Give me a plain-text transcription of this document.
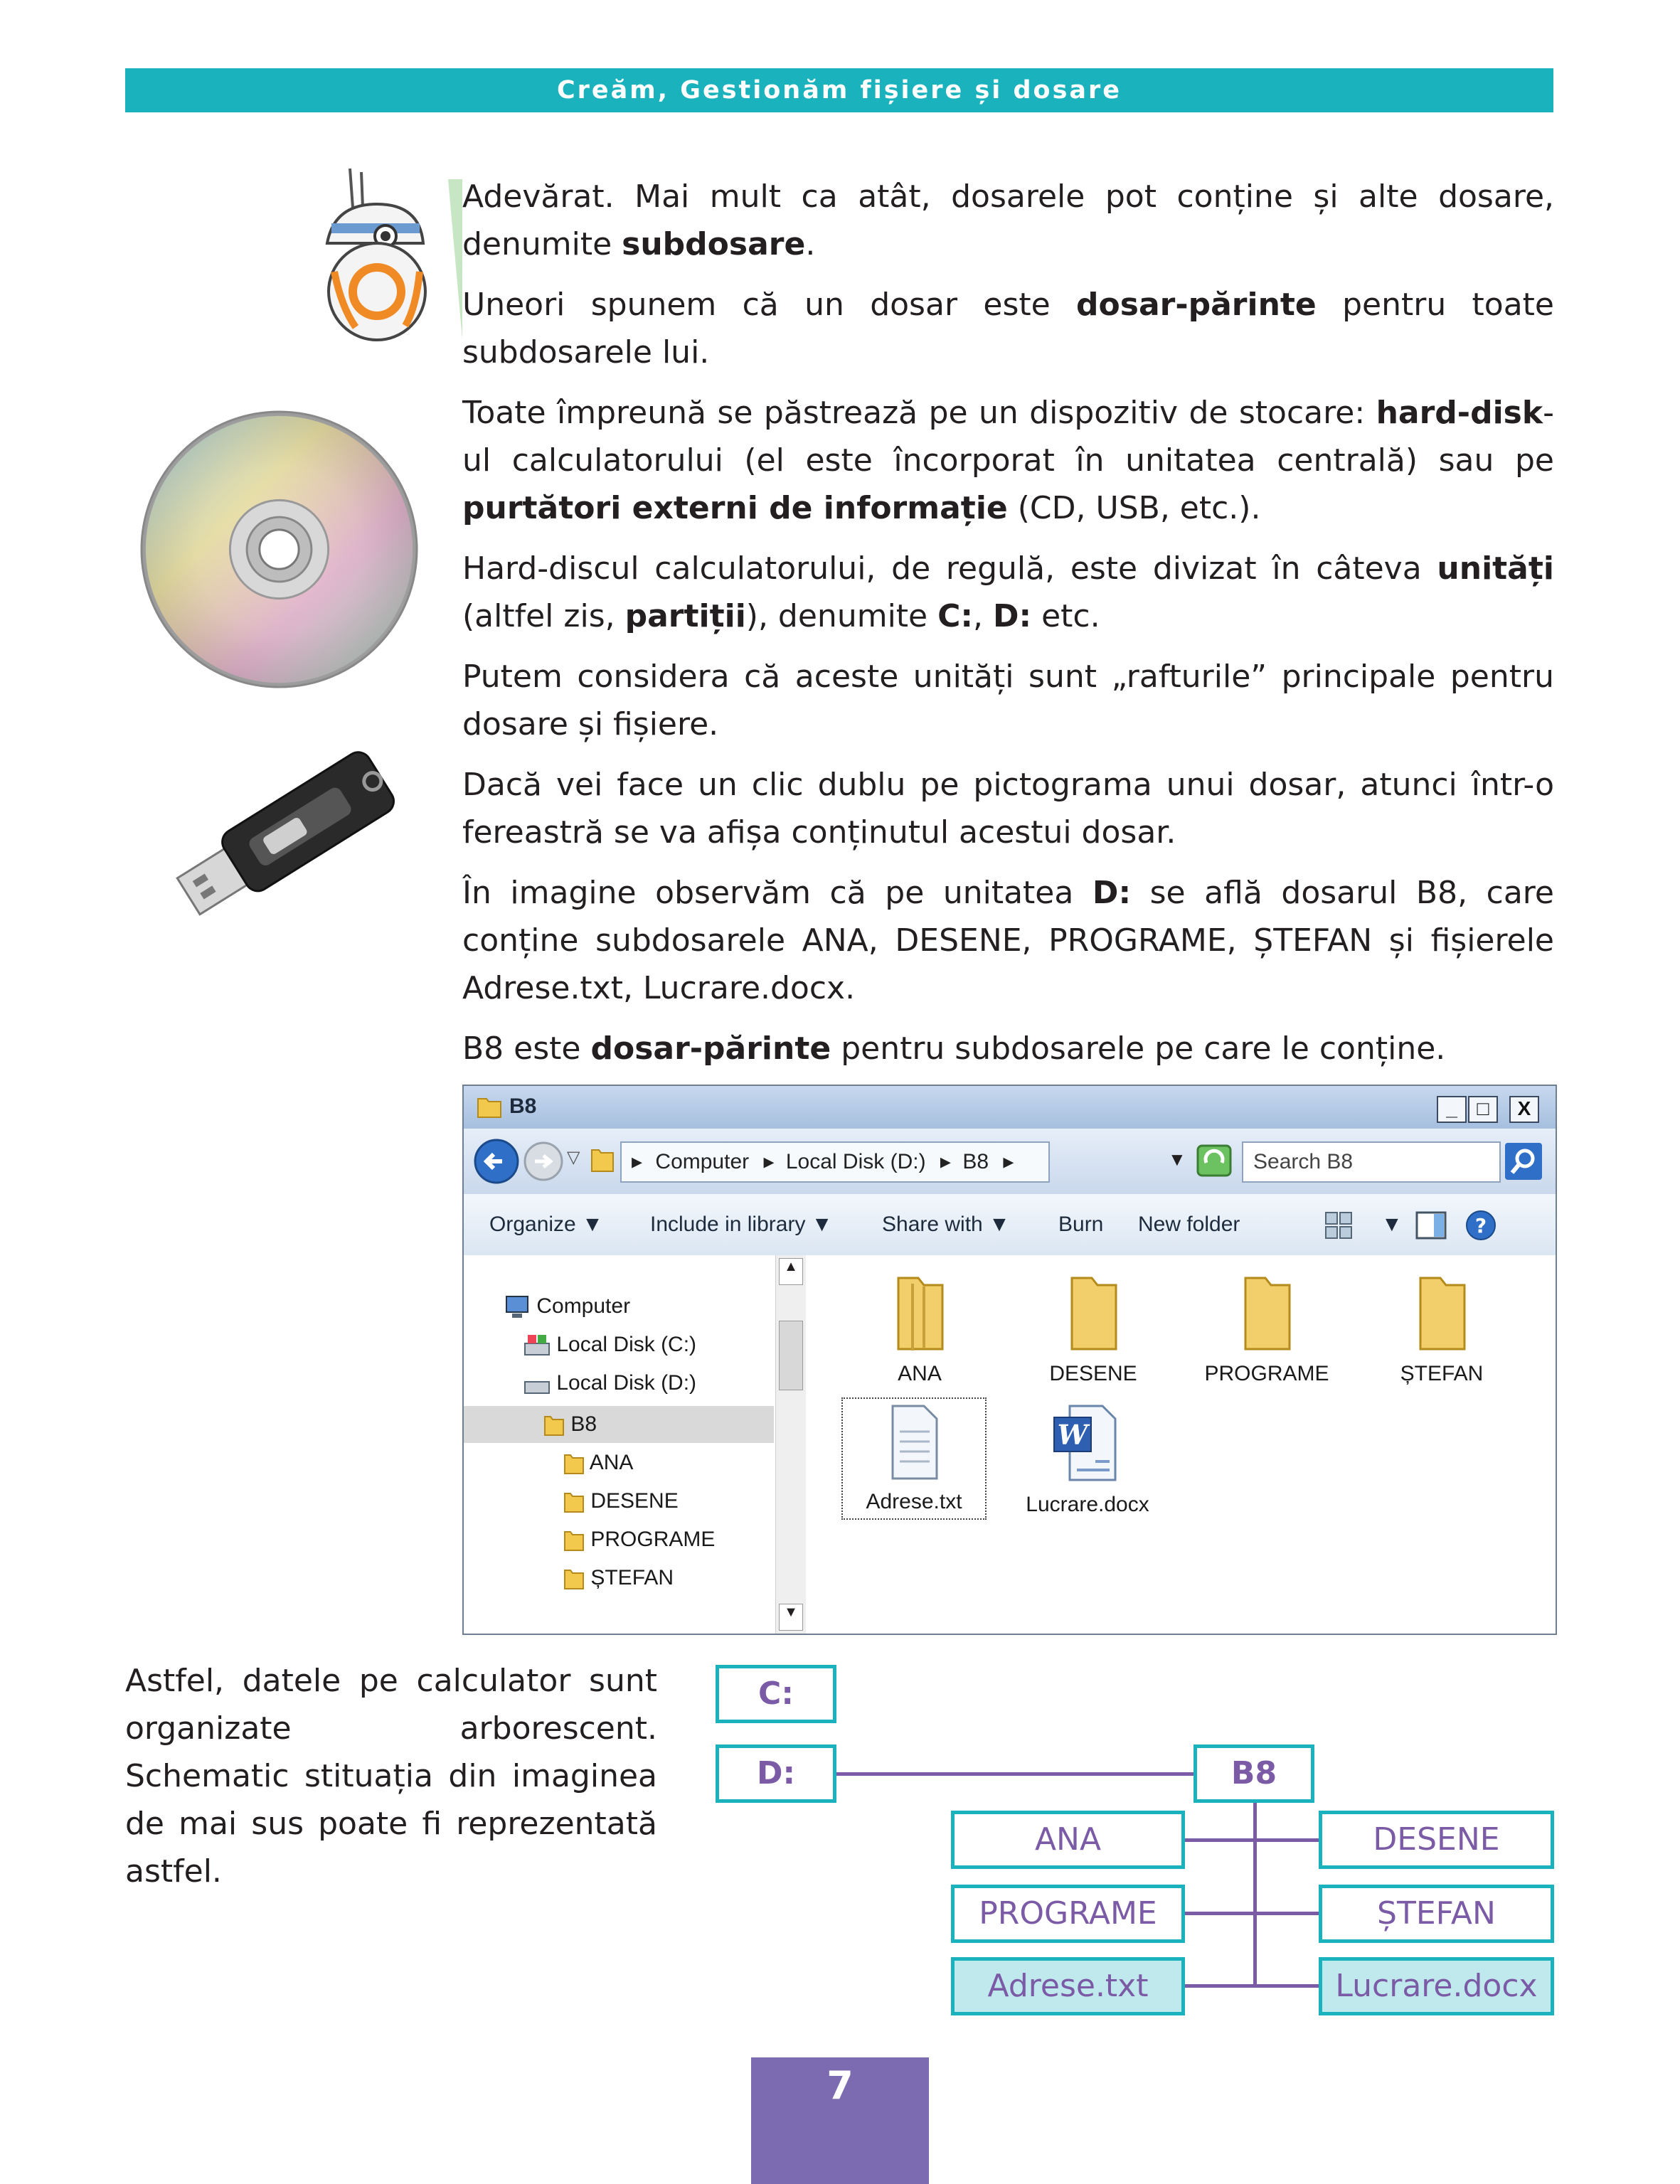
Creăm, Gestionăm fișiere și dosare

Adevărat. Mai mult ca atât, dosarele pot conține și alte dosare, denumite subdosare.

Uneori spunem că un dosar este dosar-părinte pentru toate subdosarele lui.

Toate împreună se păstrează pe un dispozitiv de stocare: hard-disk-ul calculatorului (el este încorporat în unitatea centrală) sau pe purtători externi de informație (CD, USB, etc.).

Hard-discul calculatorului, de regulă, este divizat în câteva unități (altfel zis, partiții), denumite C:, D: etc.

Putem considera că aceste unități sunt „rafturile” principale pentru dosare și fișiere.

Dacă vei face un clic dublu pe pictograma unui dosar, atunci într-o fereastră se va afișa conținutul acestui dosar.

În imagine observăm că pe unitatea D: se află dosarul B8, care conține subdosarele ANA, DESENE, PROGRAME, ȘTEFAN și fișierele Adrese.txt, Lucrare.docx.

B8 este dosar-părinte pentru subdosarele pe care le conține.

B8	_ □	X
▽	▸ Computer ▸ Local Disk (D:) ▸ B8 ▸	▼	Search B8
Organize ▼ Include in library ▼ Share with ▼ Burn New folder	▼	?
Computer
Local Disk (C:)
Local Disk (D:)
B8
ANA
DESENE
PROGRAME
ȘTEFAN
▲
▼
ANA	DESENE	PROGRAME	ȘTEFAN
Adrese.txt
W
Lucrare.docx

Astfel, datele pe calculator sunt organizate arborescent. Schematic stituația din imaginea de mai sus poate fi reprezentată astfel.

C:
D:	B8
ANA	DESENE
PROGRAME	ȘTEFAN
Adrese.txt	Lucrare.docx
7
